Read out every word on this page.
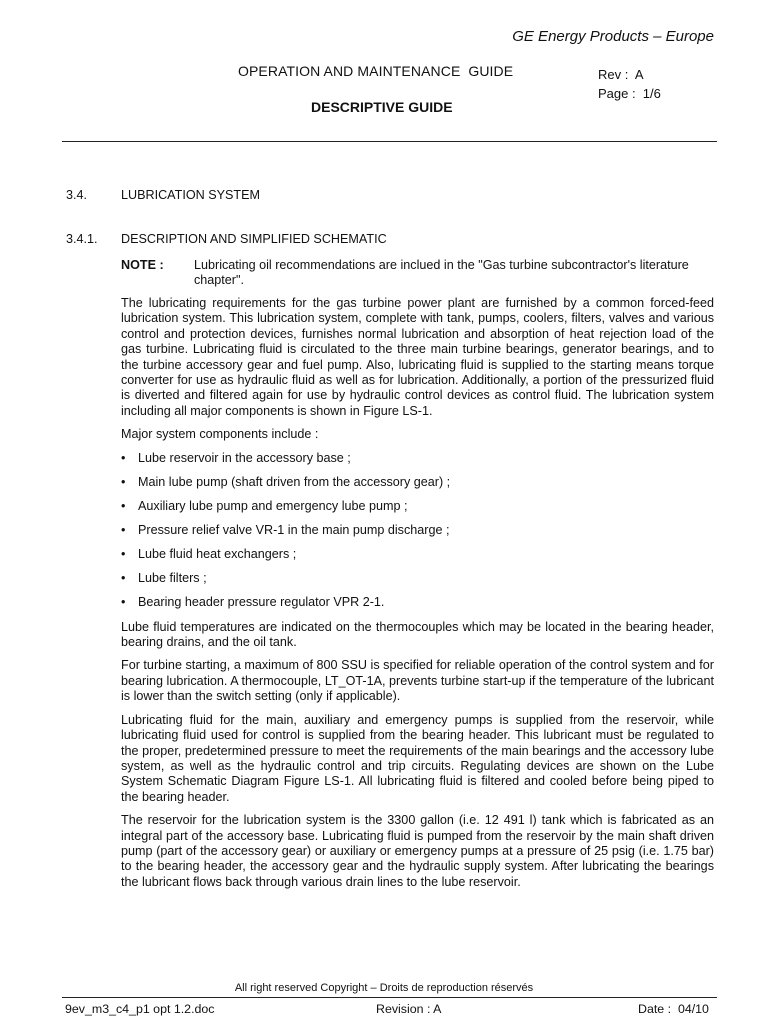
GE Energy Products – Europe
OPERATION AND MAINTENANCE  GUIDE	Rev :  A
Page :  1/6
DESCRIPTIVE GUIDE
3.4.	LUBRICATION SYSTEM
3.4.1. DESCRIPTION AND SIMPLIFIED SCHEMATIC
NOTE : Lubricating oil recommendations are inclued in the "Gas turbine subcontractor's literature chapter".

The lubricating requirements for the gas turbine power plant are furnished by a common forced-feed lubrication system. This lubrication system, complete with tank, pumps, coolers, filters, valves and various control and protection devices, furnishes normal lubrication and absorption of heat rejection load of the gas turbine. Lubricating fluid is circulated to the three main turbine bearings, generator bearings, and to the turbine accessory gear and fuel pump. Also, lubricating fluid is supplied to the starting means torque converter for use as hydraulic fluid as well as for lubrication. Additionally, a portion of the pressurized fluid is diverted and filtered again for use by hydraulic control devices as control fluid. The lubrication system including all major components is shown in Figure LS-1.

Major system components include :

• Lube reservoir in the accessory base ;
• Main lube pump (shaft driven from the accessory gear) ;
• Auxiliary lube pump and emergency lube pump ;
• Pressure relief valve VR-1 in the main pump discharge ;
• Lube fluid heat exchangers ;
• Lube filters ;
• Bearing header pressure regulator VPR 2-1.

Lube fluid temperatures are indicated on the thermocouples which may be located in the bearing header, bearing drains, and the oil tank.

For turbine starting, a maximum of 800 SSU is specified for reliable operation of the control system and for bearing lubrication. A thermocouple, LT_OT-1A, prevents turbine start-up if the temperature of the lubricant is lower than the switch setting (only if applicable).

Lubricating fluid for the main, auxiliary and emergency pumps is supplied from the reservoir, while lubricating fluid used for control is supplied from the bearing header. This lubricant must be regulated to the proper, predetermined pressure to meet the requirements of the main bearings and the accessory lube system, as well as the hydraulic control and trip circuits. Regulating devices are shown on the Lube System Schematic Diagram Figure LS-1. All lubricating fluid is filtered and cooled before being piped to the bearing header.

The reservoir for the lubrication system is the 3300 gallon (i.e. 12 491 l) tank which is fabricated as an integral part of the accessory base. Lubricating fluid is pumped from the reservoir by the main shaft driven pump (part of the accessory gear) or auxiliary or emergency pumps at a pressure of 25 psig (i.e. 1.75 bar) to the bearing header, the accessory gear and the hydraulic supply system. After lubricating the bearings the lubricant flows back through various drain lines to the lube reservoir.

All right reserved Copyright – Droits de reproduction réservés
9ev_m3_c4_p1 opt 1.2.doc	Revision : A	Date :  04/10
